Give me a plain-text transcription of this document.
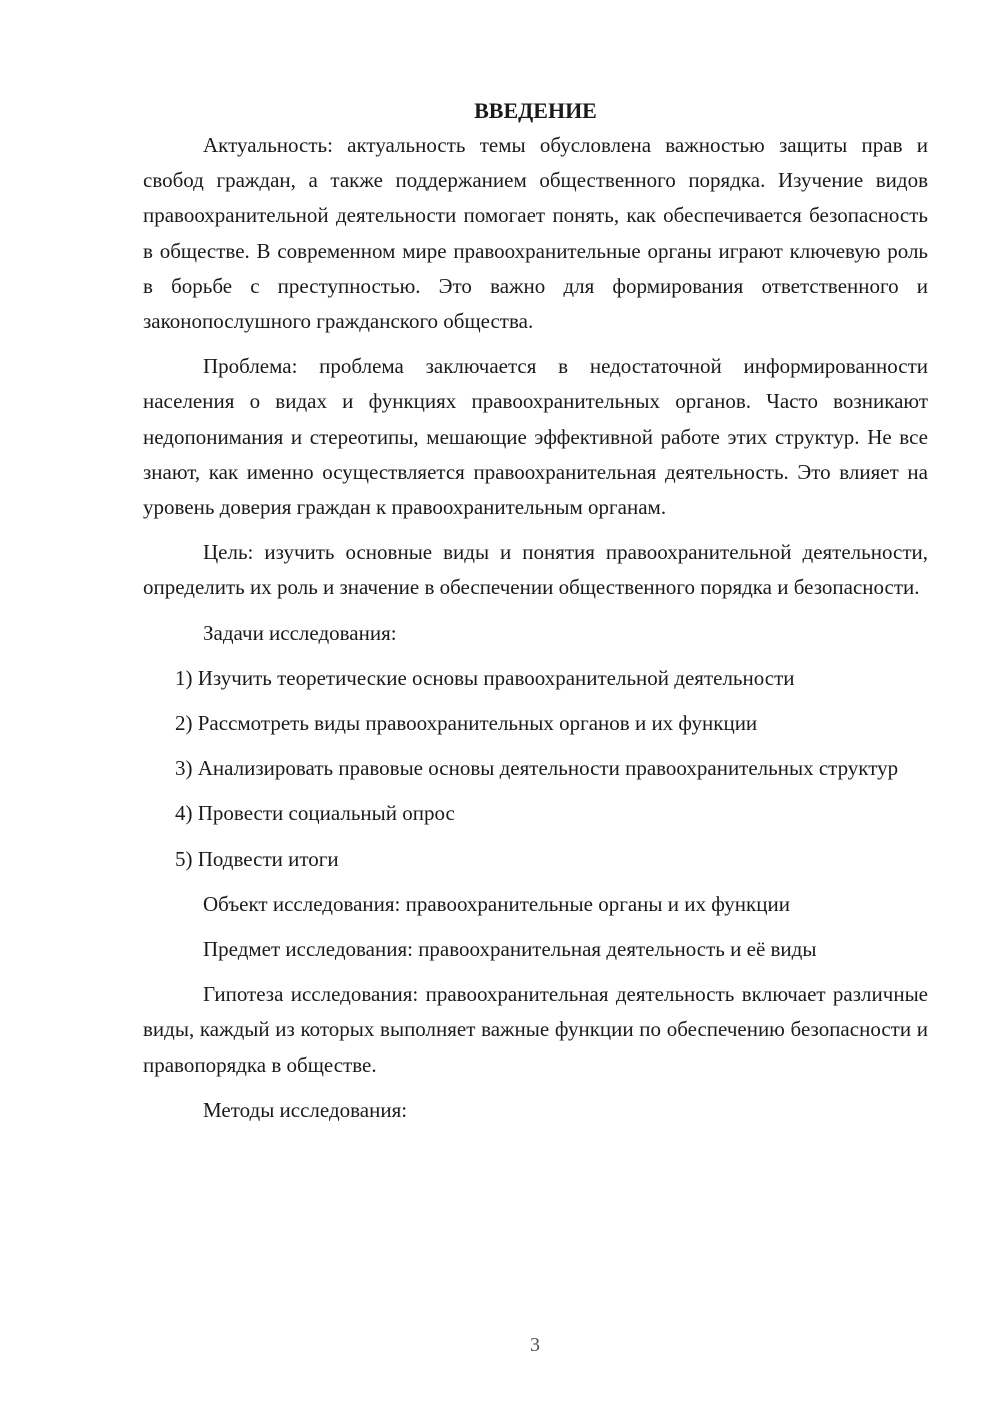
ВВЕДЕНИЕ

Актуальность: актуальность темы обусловлена важностью защиты прав и свобод граждан, а также поддержанием общественного порядка. Изучение видов правоохранительной деятельности помогает понять, как обеспечивается безопасность в обществе. В современном мире правоохранительные органы играют ключевую роль в борьбе с преступностью. Это важно для формирования ответственного и законопослушного гражданского общества.

Проблема: проблема заключается в недостаточной информированности населения о видах и функциях правоохранительных органов. Часто возникают недопонимания и стереотипы, мешающие эффективной работе этих структур. Не все знают, как именно осуществляется правоохранительная деятельность. Это влияет на уровень доверия граждан к правоохранительным органам.

Цель: изучить основные виды и понятия правоохранительной деятельности, определить их роль и значение в обеспечении общественного порядка и безопасности.

Задачи исследования:

1) Изучить теоретические основы правоохранительной деятельности

2) Рассмотреть виды правоохранительных органов и их функции

3) Анализировать правовые основы деятельности правоохранительных структур

4) Провести социальный опрос

5) Подвести итоги

Объект исследования: правоохранительные органы и их функции

Предмет исследования: правоохранительная деятельность и её виды

Гипотеза исследования: правоохранительная деятельность включает различные виды, каждый из которых выполняет важные функции по обеспечению безопасности и правопорядка в обществе.

Методы исследования:

3
